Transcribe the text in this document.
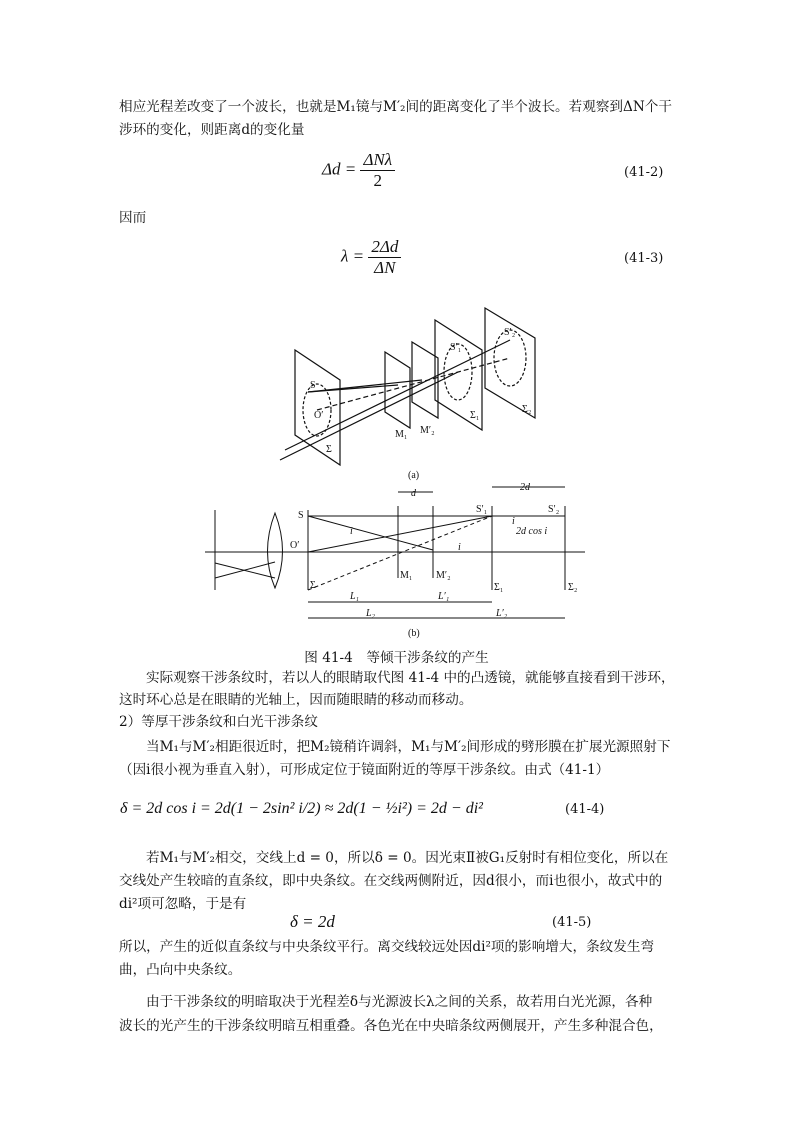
相应光程差改变了一个波长，也就是M₁镜与M′₂间的距离变化了半个波长。若观察到ΔN个干
涉环的变化，则距离d的变化量
$\Delta d = \frac{\text{ΔNλ}}{2}$	(41-2)
因而
$\lambda = \frac{2\Delta d}{\Delta N}$	(41-3)
S
O′
Σ
M₁ M′₂
S′₁
Σ₁
S′₂
Σ₂
(a)
d
2d
S
O′
Σ
M₁ M′₂
S′₁	S′₂
Σ₁	Σ₂
i
i
i
2d cos i
L₁	L′₁
L₂	L′₂
(b)
图 41-4　等倾干涉条纹的产生
实际观察干涉条纹时，若以人的眼睛取代图 41-4 中的凸透镜，就能够直接看到干涉环，
这时环心总是在眼睛的光轴上，因而随眼睛的移动而移动。
2）等厚干涉条纹和白光干涉条纹
当M₁与M′₂相距很近时，把M₂镜稍许调斜，M₁与M′₂间形成的劈形膜在扩展光源照射下
（因i很小视为垂直入射），可形成定位于镜面附近的等厚干涉条纹。由式（41-1）
δ = 2d cos i = 2d(1 − 2sin² i/2) ≈ 2d(1 − ½i²) = 2d − di²	(41-4)
若M₁与M′₂相交，交线上d = 0，所以δ = 0。因光束Ⅱ被G₁反射时有相位变化，所以在
交线处产生较暗的直条纹，即中央条纹。在交线两侧附近，因d很小，而i也很小，故式中的
di²项可忽略，于是有
δ = 2d	(41-5)
所以，产生的近似直条纹与中央条纹平行。离交线较远处因di²项的影响增大，条纹发生弯
曲，凸向中央条纹。
由于干涉条纹的明暗取决于光程差δ与光源波长λ之间的关系，故若用白光光源，各种
波长的光产生的干涉条纹明暗互相重叠。各色光在中央暗条纹两侧展开，产生多种混合色，
